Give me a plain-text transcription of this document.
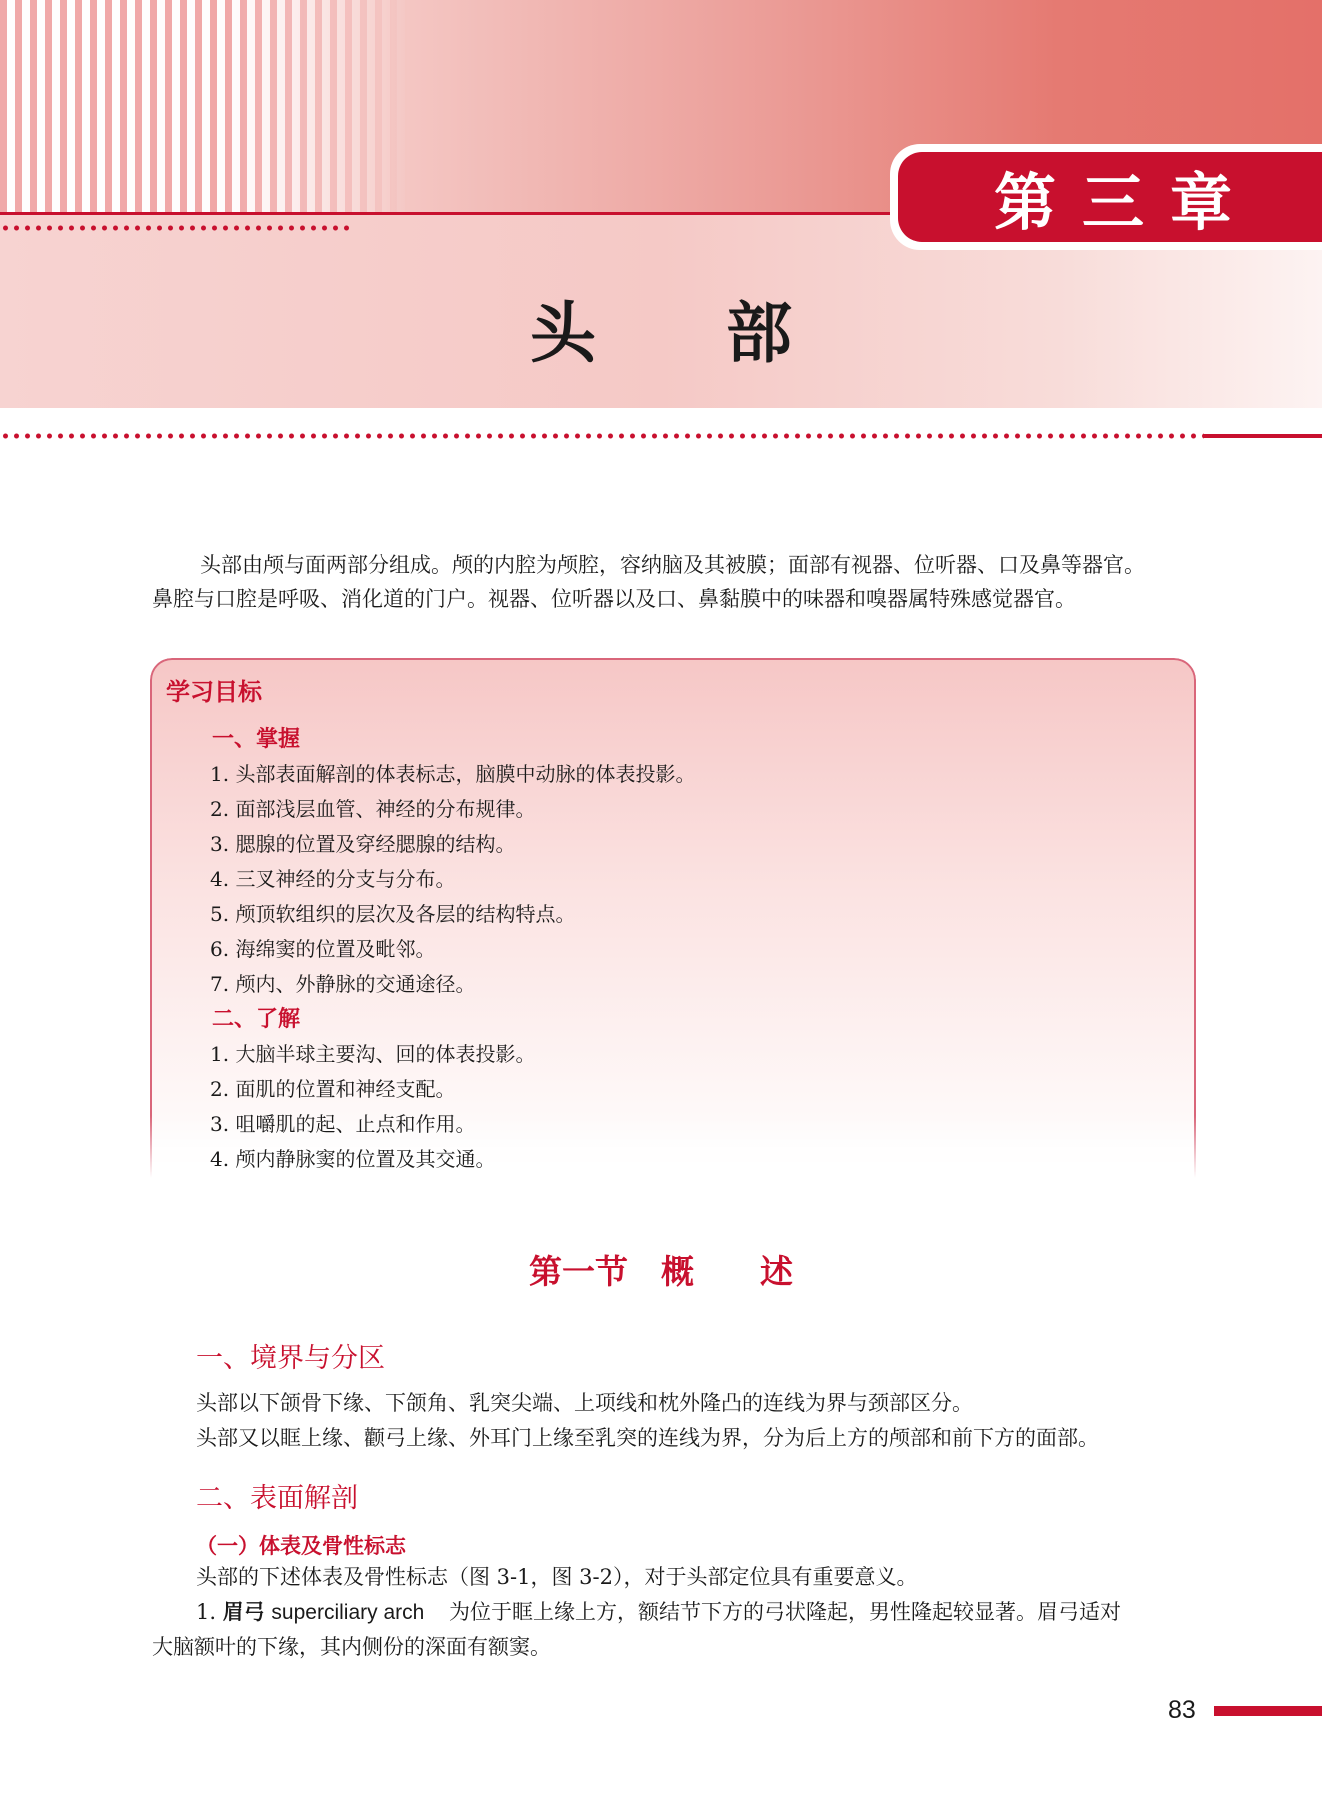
第三章
头部

头部由颅与面两部分组成。颅的内腔为颅腔，容纳脑及其被膜；面部有视器、位听器、口及鼻等器官。

鼻腔与口腔是呼吸、消化道的门户。视器、位听器以及口、鼻黏膜中的味器和嗅器属特殊感觉器官。

学习目标
一、掌握
1. 头部表面解剖的体表标志，脑膜中动脉的体表投影。
2. 面部浅层血管、神经的分布规律。
3. 腮腺的位置及穿经腮腺的结构。
4. 三叉神经的分支与分布。
5. 颅顶软组织的层次及各层的结构特点。
6. 海绵窦的位置及毗邻。
7. 颅内、外静脉的交通途径。
二、了解
1. 大脑半球主要沟、回的体表投影。
2. 面肌的位置和神经支配。
3. 咀嚼肌的起、止点和作用。
4. 颅内静脉窦的位置及其交通。
第一节　概　　述
一、境界与分区
头部以下颌骨下缘、下颌角、乳突尖端、上项线和枕外隆凸的连线为界与颈部区分。
头部又以眶上缘、颧弓上缘、外耳门上缘至乳突的连线为界，分为后上方的颅部和前下方的面部。
二、表面解剖
（一）体表及骨性标志
头部的下述体表及骨性标志（图 3-1，图 3-2），对于头部定位具有重要意义。
1. 眉弓 superciliary arch 为位于眶上缘上方，额结节下方的弓状隆起，男性隆起较显著。眉弓适对
大脑额叶的下缘，其内侧份的深面有额窦。
83
